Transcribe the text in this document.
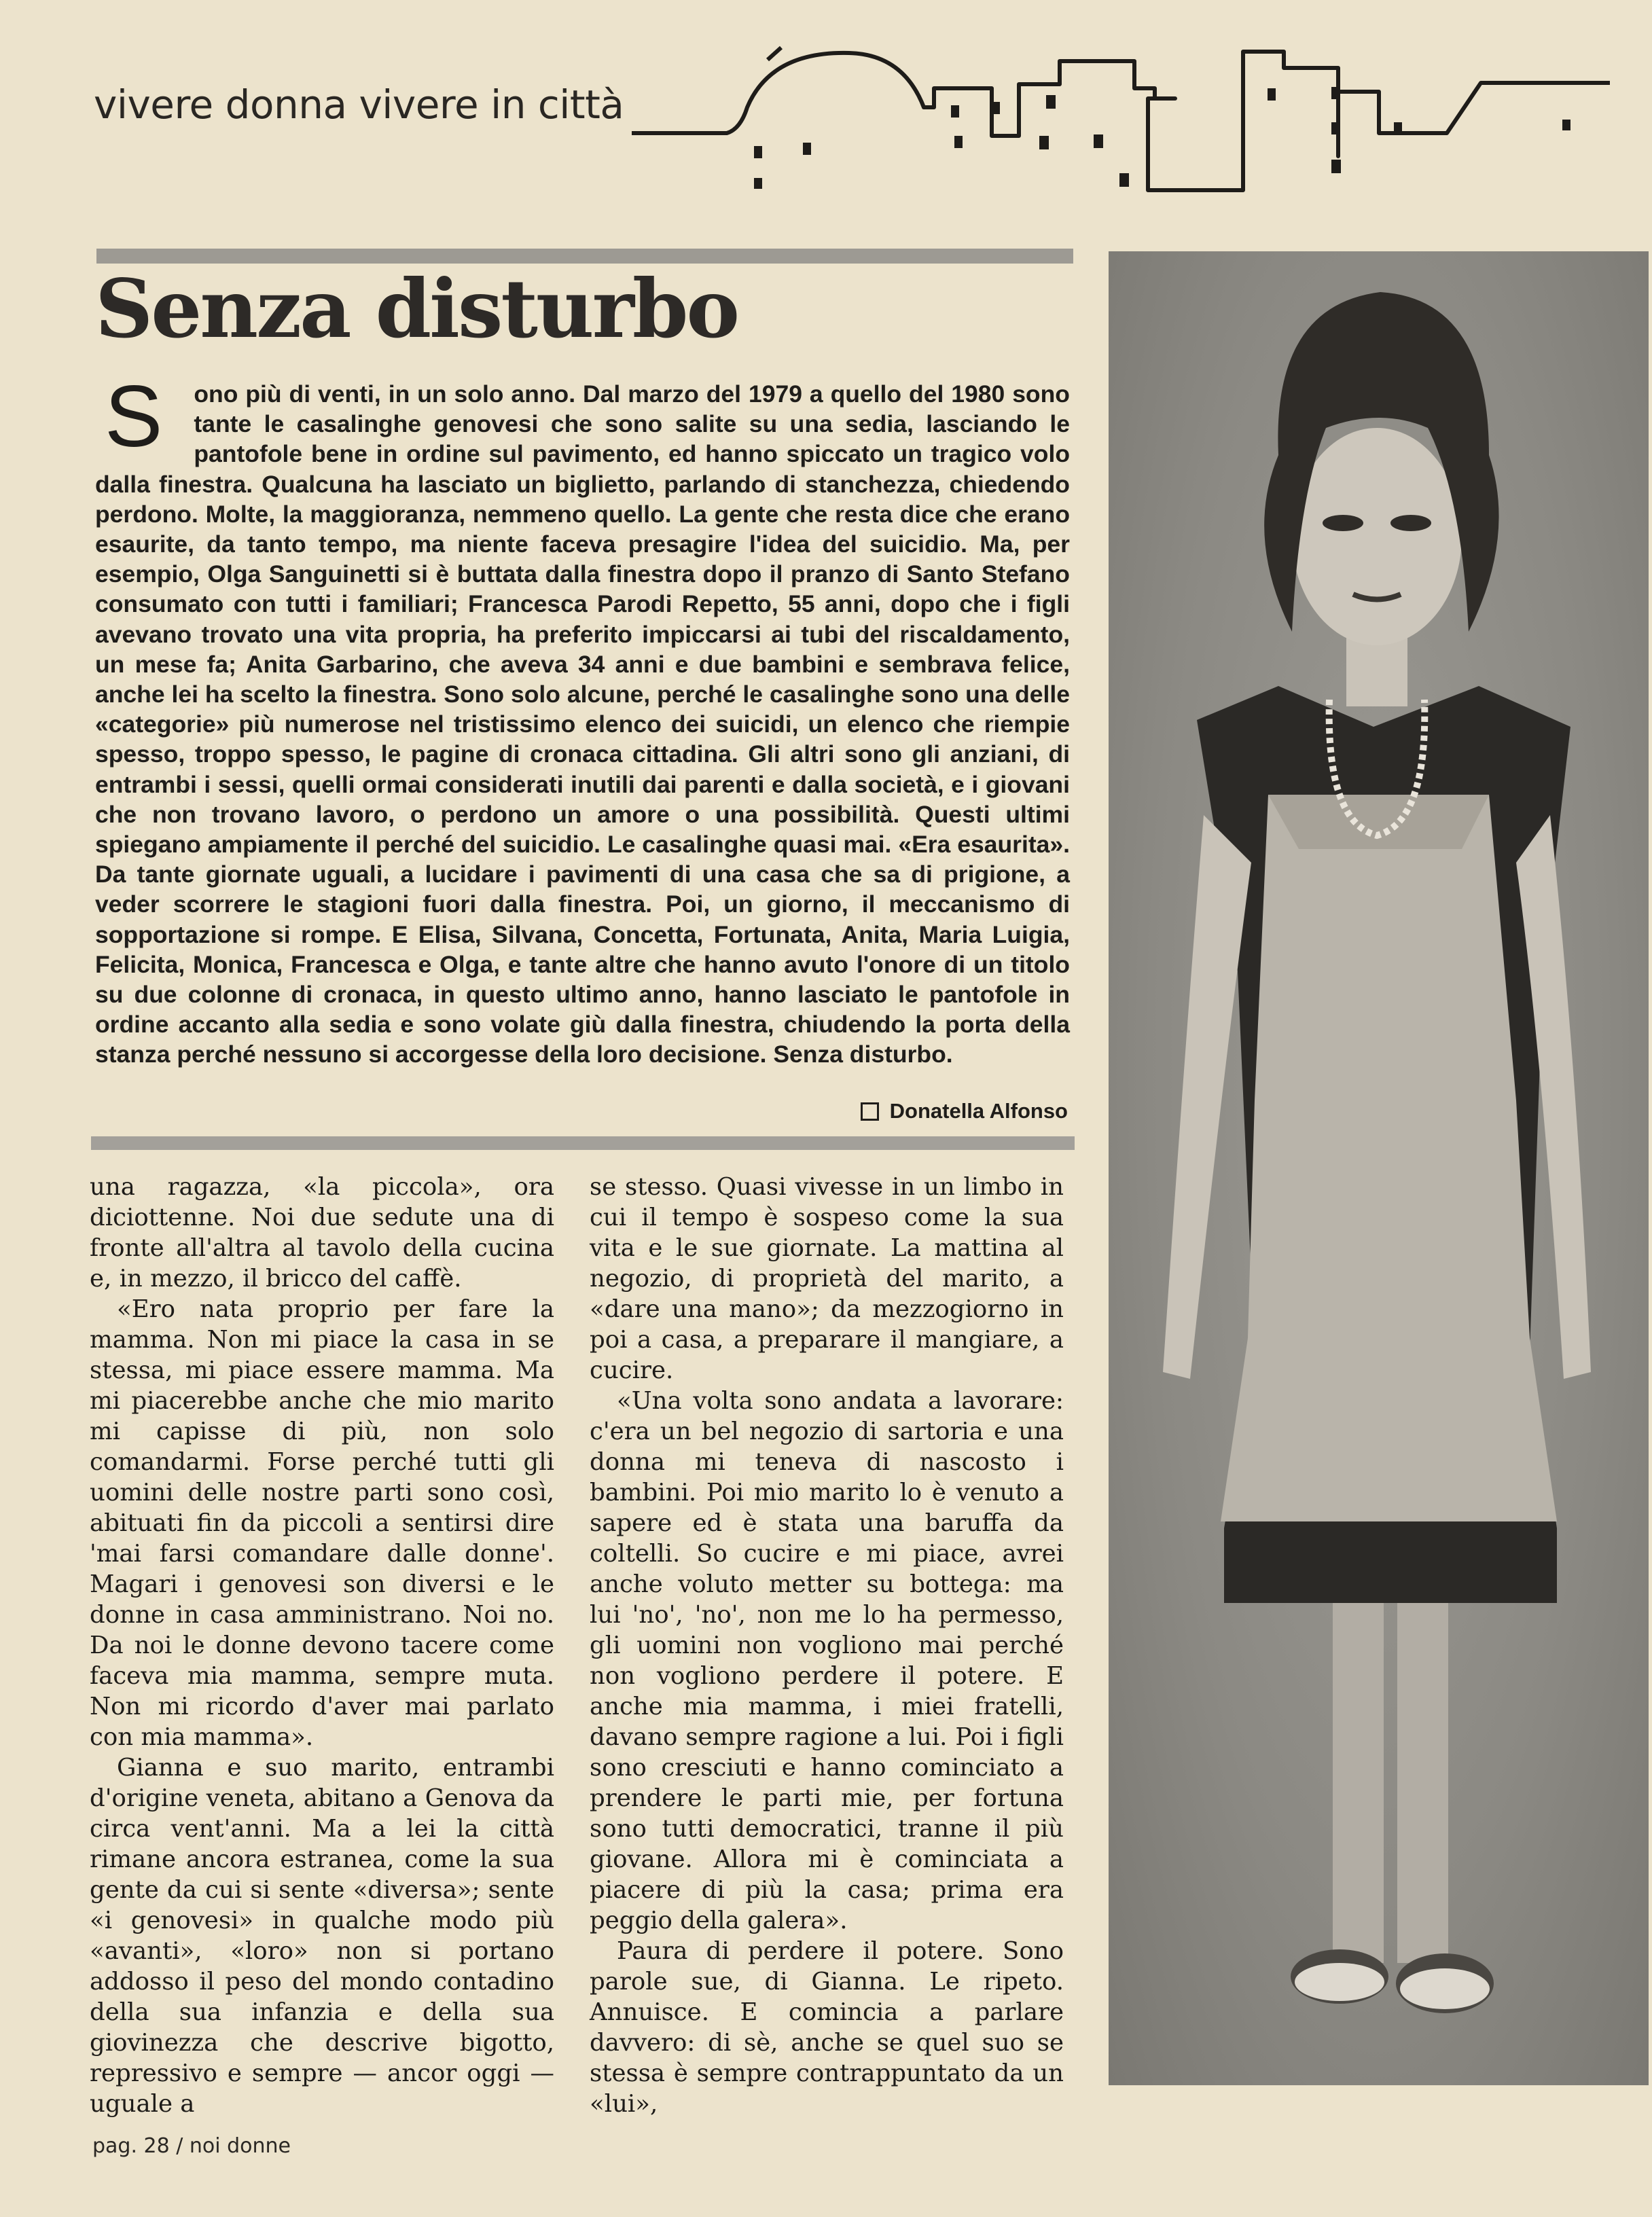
vivere donna vivere in città
Senza disturbo

S ono più di venti, in un solo anno. Dal marzo del 1979 a quello del 1980 sono tante le casalinghe genovesi che sono salite su una sedia, lasciando le pantofole bene in ordine sul pavimento, ed hanno spiccato un tragico volo dalla finestra. Qualcuna ha lasciato un biglietto, parlando di stanchezza, chiedendo perdono. Molte, la maggioranza, nemmeno quello. La gente che resta dice che erano esaurite, da tanto tempo, ma niente faceva presagire l'idea del suicidio. Ma, per esempio, Olga Sanguinetti si è buttata dalla finestra dopo il pranzo di Santo Stefano consumato con tutti i familiari; Francesca Parodi Repetto, 55 anni, dopo che i figli avevano trovato una vita propria, ha preferito impiccarsi ai tubi del riscaldamento, un mese fa; Anita Garbarino, che aveva 34 anni e due bambini e sembrava felice, anche lei ha scelto la finestra. Sono solo alcune, perché le casalinghe sono una delle «categorie» più numerose nel tristissimo elenco dei suicidi, un elenco che riempie spesso, troppo spesso, le pagine di cronaca cittadina. Gli altri sono gli anziani, di entrambi i sessi, quelli ormai considerati inutili dai parenti e dalla società, e i giovani che non trovano lavoro, o perdono un amore o una possibilità. Questi ultimi spiegano ampiamente il perché del suicidio. Le casalinghe quasi mai. «Era esaurita». Da tante giornate uguali, a lucidare i pavimenti di una casa che sa di prigione, a veder scorrere le stagioni fuori dalla finestra. Poi, un giorno, il meccanismo di sopportazione si rompe. E Elisa, Silvana, Concetta, Fortunata, Anita, Maria Luigia, Felicita, Monica, Francesca e Olga, e tante altre che hanno avuto l'onore di un titolo su due colonne di cronaca, in questo ultimo anno, hanno lasciato le pantofole in ordine accanto alla sedia e sono volate giù dalla finestra, chiudendo la porta della stanza perché nessuno si accorgesse della loro decisione. Senza disturbo.

Donatella Alfonso

una ragazza, «la piccola», ora diciottenne. Noi due sedute una di fronte all'altra al tavolo della cucina e, in mezzo, il bricco del caffè.

«Ero nata proprio per fare la mamma. Non mi piace la casa in se stessa, mi piace essere mamma. Ma mi piacerebbe anche che mio marito mi capisse di più, non solo comandarmi. Forse perché tutti gli uomini delle nostre parti sono così, abituati fin da piccoli a sentirsi dire 'mai farsi comandare dalle donne'. Magari i genovesi son diversi e le donne in casa amministrano. Noi no. Da noi le donne devono tacere come faceva mia mamma, sempre muta. Non mi ricordo d'aver mai parlato con mia mamma».

Gianna e suo marito, entrambi d'origine veneta, abitano a Genova da circa vent'anni. Ma a lei la città rimane ancora estranea, come la sua gente da cui si sente «diversa»; sente «i genovesi» in qualche modo più «avanti», «loro» non si portano addosso il peso del mondo contadino della sua infanzia e della sua giovinezza che descrive bigotto, repressivo e sempre — ancor oggi — uguale a

se stesso. Quasi vivesse in un limbo in cui il tempo è sospeso come la sua vita e le sue giornate. La mattina al negozio, di proprietà del marito, a «dare una mano»; da mezzogiorno in poi a casa, a preparare il mangiare, a cucire.

«Una volta sono andata a lavorare: c'era un bel negozio di sartoria e una donna mi teneva di nascosto i bambini. Poi mio marito lo è venuto a sapere ed è stata una baruffa da coltelli. So cucire e mi piace, avrei anche voluto metter su bottega: ma lui 'no', 'no', non me lo ha permesso, gli uomini non vogliono mai perché non vogliono perdere il potere. E anche mia mamma, i miei fratelli, davano sempre ragione a lui. Poi i figli sono cresciuti e hanno cominciato a prendere le parti mie, per fortuna sono tutti democratici, tranne il più giovane. Allora mi è cominciata a piacere di più la casa; prima era peggio della galera».

Paura di perdere il potere. Sono parole sue, di Gianna. Le ripeto. Annuisce. E comincia a parlare davvero: di sè, anche se quel suo se stessa è sempre contrappuntato da un «lui»,

pag. 28 / noi donne
